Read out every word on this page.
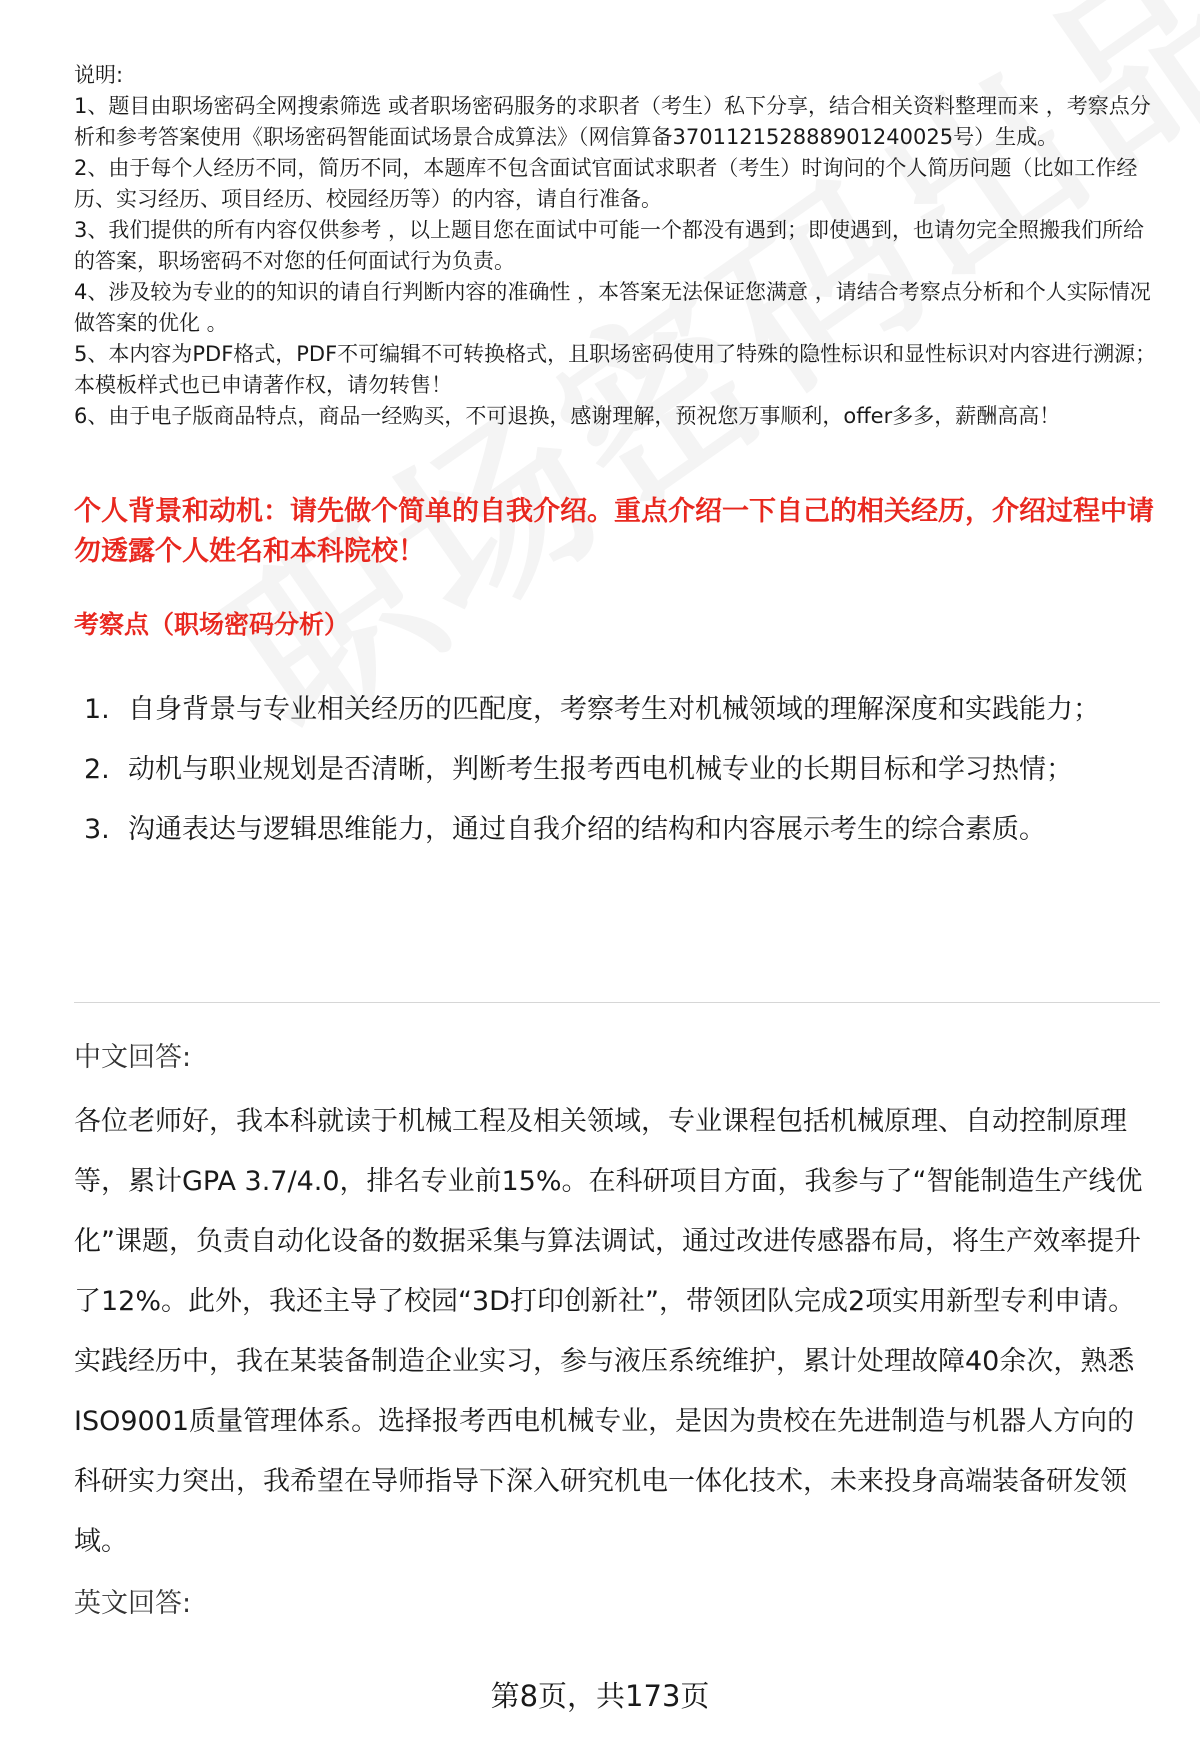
说明:

1、题目由职场密码全网搜索筛选 或者职场密码服务的求职者（考生）私下分享，结合相关资料整理而来 ，考察点分析和参考答案使用《职场密码智能面试场景合成算法》（网信算备370112152888901240025号）生成。

2、由于每个人经历不同，简历不同，本题库不包含面试官面试求职者（考生）时询问的个人简历问题（比如工作经历、实习经历、项目经历、校园经历等）的内容，请自行准备。

3、我们提供的所有内容仅供参考 ，以上题目您在面试中可能一个都没有遇到；即使遇到，也请勿完全照搬我们所给的答案，职场密码不对您的任何面试行为负责。

4、涉及较为专业的的知识的请自行判断内容的准确性 ，本答案无法保证您满意 ，请结合考察点分析和个人实际情况做答案的优化 。

5、本内容为PDF格式，PDF不可编辑不可转换格式，且职场密码使用了特殊的隐性标识和显性标识对内容进行溯源；本模板样式也已申请著作权，请勿转售！

6、由于电子版商品特点，商品一经购买，不可退换，感谢理解，预祝您万事顺利，offer多多，薪酬高高！

个人背景和动机：请先做个简单的自我介绍。重点介绍一下自己的相关经历，介绍过程中请勿透露个人姓名和本科院校！

考察点（职场密码分析）

1. 自身背景与专业相关经历的匹配度，考察考生对机械领域的理解深度和实践能力；
2. 动机与职业规划是否清晰，判断考生报考西电机械专业的长期目标和学习热情；
3. 沟通表达与逻辑思维能力，通过自我介绍的结构和内容展示考生的综合素质。

中文回答:

各位老师好，我本科就读于机械工程及相关领域，专业课程包括机械原理、自动控制原理等，累计GPA 3.7/4.0，排名专业前15%。在科研项目方面，我参与了“智能制造生产线优化”课题，负责自动化设备的数据采集与算法调试，通过改进传感器布局，将生产效率提升了12%。此外，我还主导了校园“3D打印创新社”，带领团队完成2项实用新型专利申请。实践经历中，我在某装备制造企业实习，参与液压系统维护，累计处理故障40余次，熟悉ISO9001质量管理体系。选择报考西电机械专业，是因为贵校在先进制造与机器人方向的科研实力突出，我希望在导师指导下深入研究机电一体化技术，未来投身高端装备研发领域。

英文回答:

第8页，共173页
